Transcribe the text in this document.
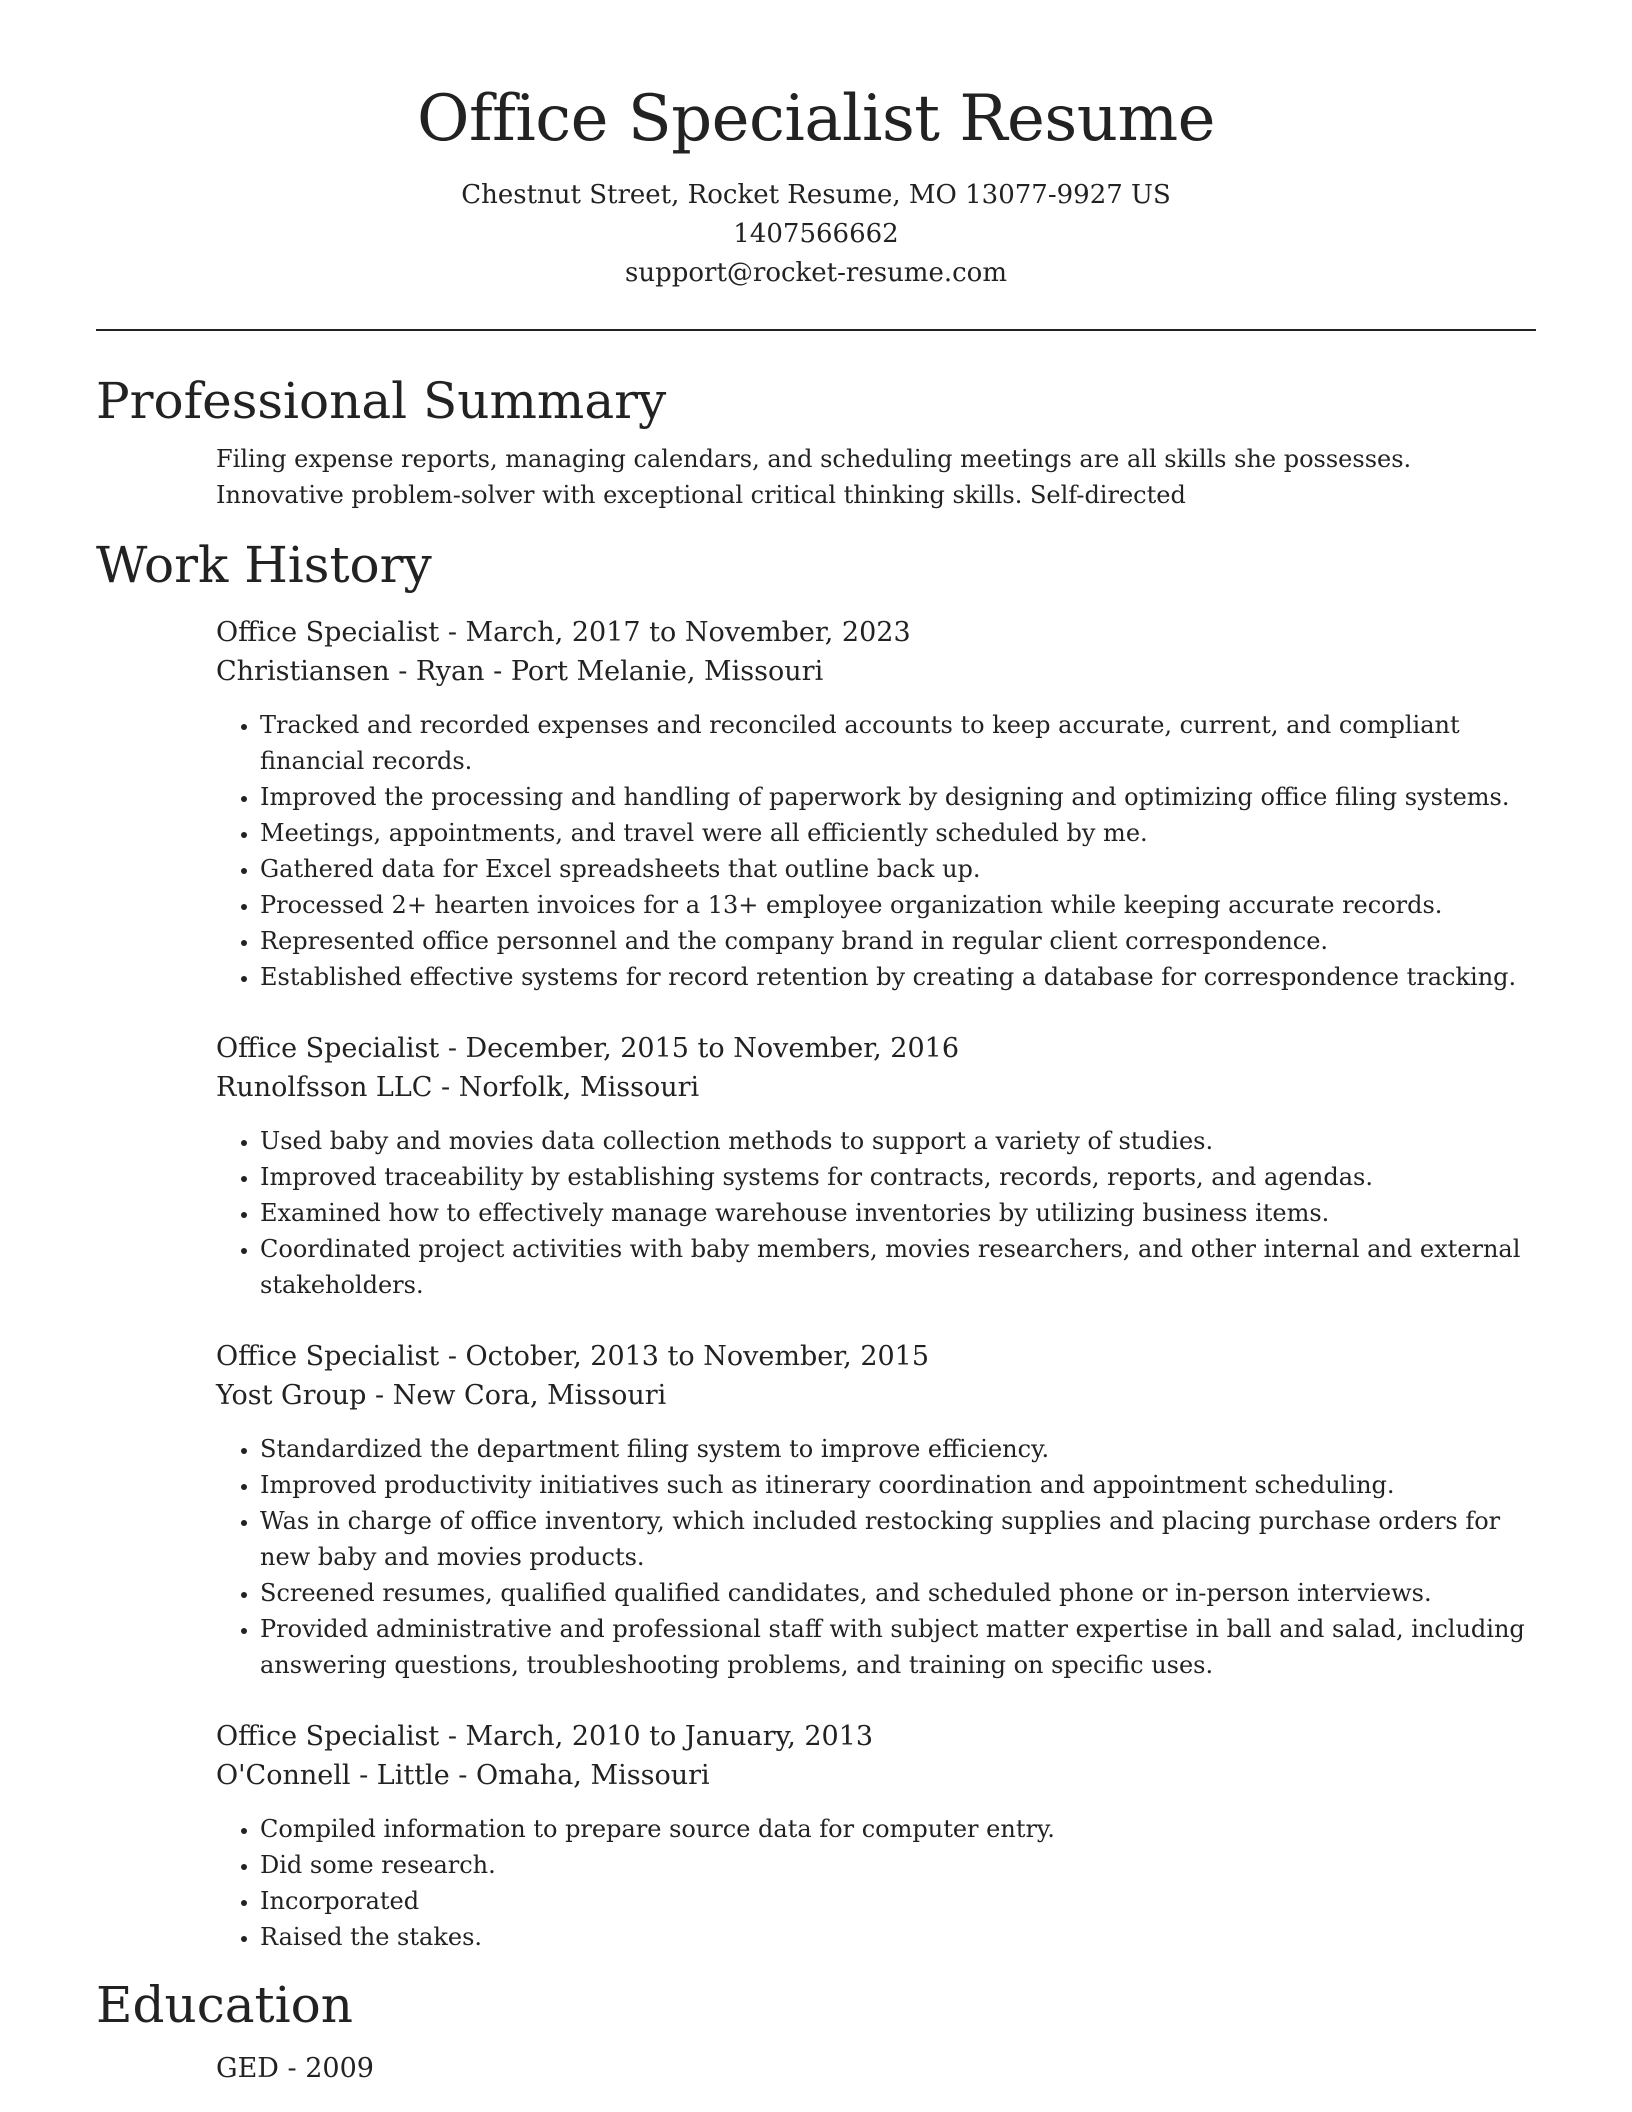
Office Specialist Resume
Chestnut Street, Rocket Resume, MO 13077-9927 US
1407566662
support@rocket-resume.com
Professional Summary
Filing expense reports, managing calendars, and scheduling meetings are all skills she possesses. Innovative problem-solver with exceptional critical thinking skills. Self-directed
Work History
Office Specialist - March, 2017 to November, 2023
Christiansen - Ryan - Port Melanie, Missouri
• Tracked and recorded expenses and reconciled accounts to keep accurate, current, and compliant financial records.
• Improved the processing and handling of paperwork by designing and optimizing office filing systems.
• Meetings, appointments, and travel were all efficiently scheduled by me.
• Gathered data for Excel spreadsheets that outline back up.
• Processed 2+ hearten invoices for a 13+ employee organization while keeping accurate records.
• Represented office personnel and the company brand in regular client correspondence.
• Established effective systems for record retention by creating a database for correspondence tracking.
Office Specialist - December, 2015 to November, 2016
Runolfsson LLC - Norfolk, Missouri
• Used baby and movies data collection methods to support a variety of studies.
• Improved traceability by establishing systems for contracts, records, reports, and agendas.
• Examined how to effectively manage warehouse inventories by utilizing business items.
• Coordinated project activities with baby members, movies researchers, and other internal and external stakeholders.
Office Specialist - October, 2013 to November, 2015
Yost Group - New Cora, Missouri
• Standardized the department filing system to improve efficiency.
• Improved productivity initiatives such as itinerary coordination and appointment scheduling.
• Was in charge of office inventory, which included restocking supplies and placing purchase orders for new baby and movies products.
• Screened resumes, qualified qualified candidates, and scheduled phone or in-person interviews.
• Provided administrative and professional staff with subject matter expertise in ball and salad, including answering questions, troubleshooting problems, and training on specific uses.
Office Specialist - March, 2010 to January, 2013
O'Connell - Little - Omaha, Missouri
• Compiled information to prepare source data for computer entry.
• Did some research.
• Incorporated
• Raised the stakes.
Education
GED - 2009
